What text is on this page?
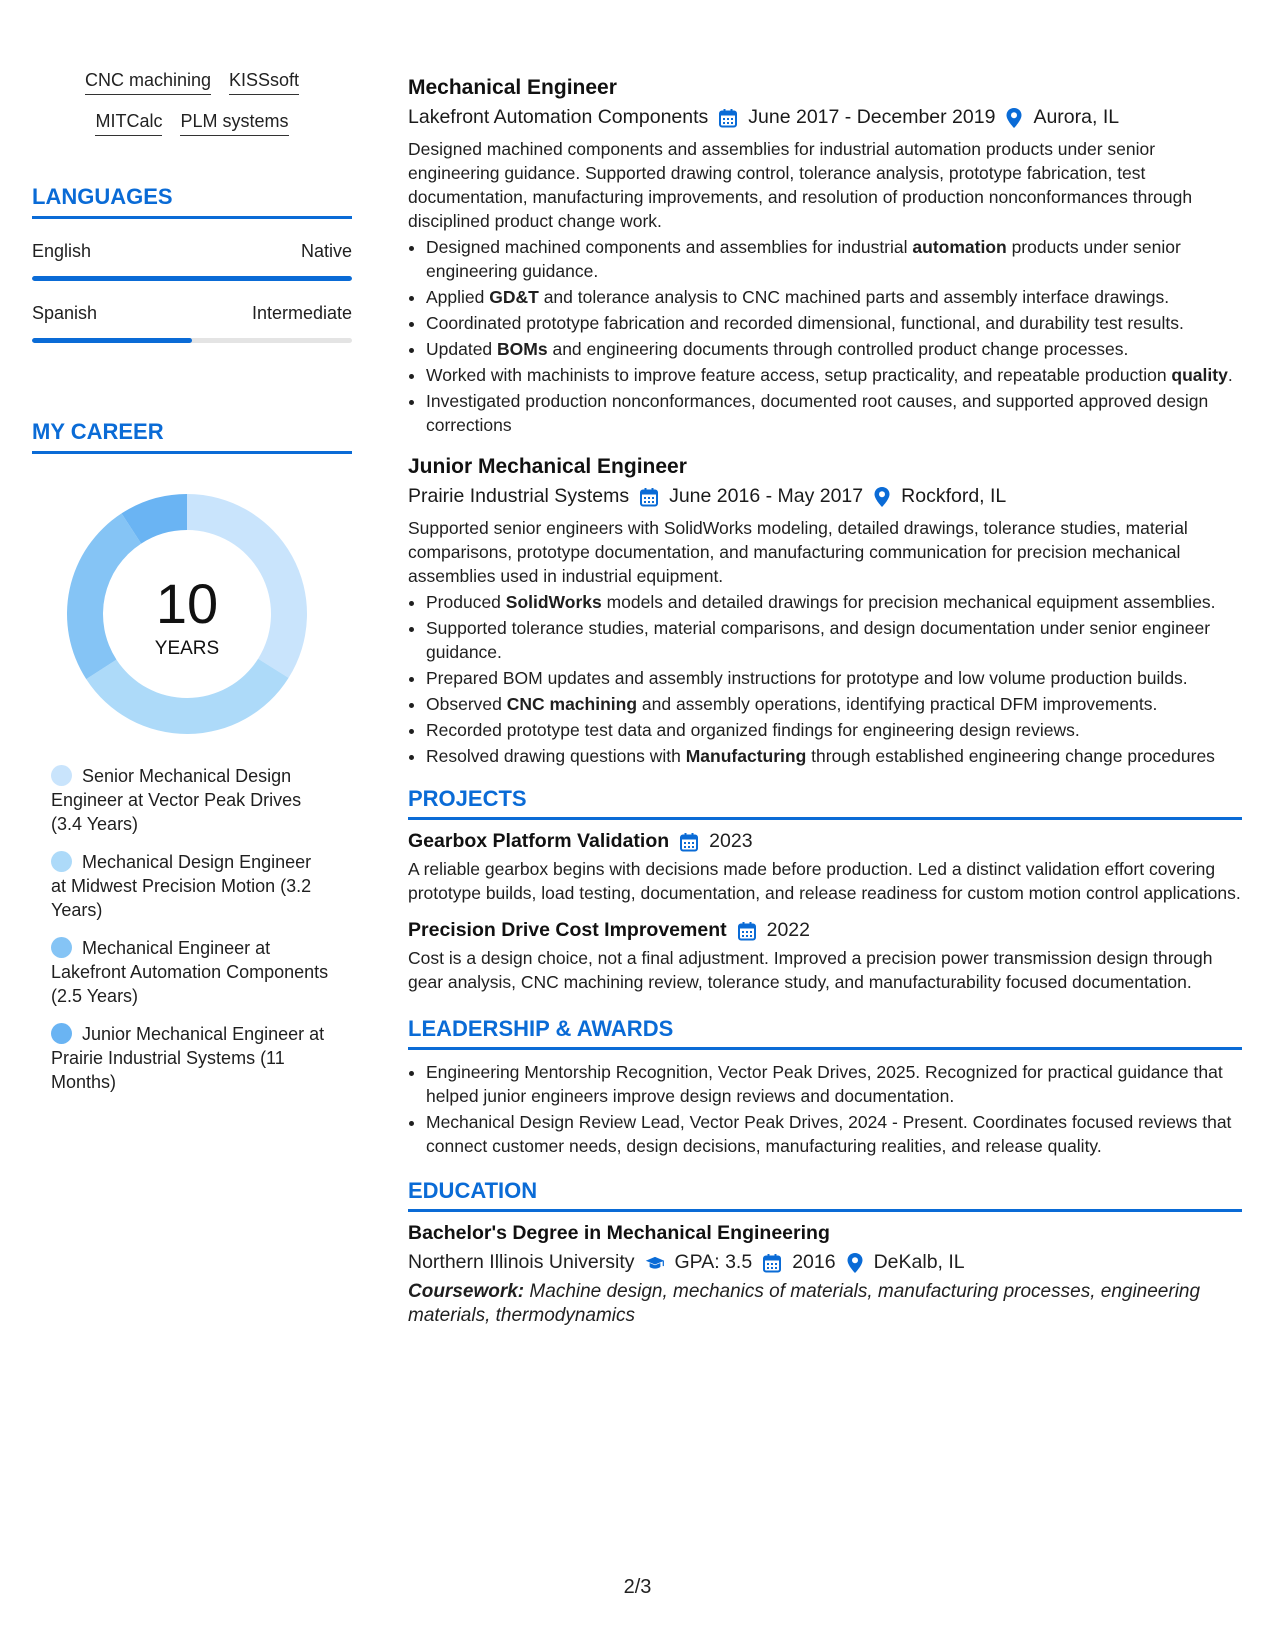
CNC machining KISSsoft
MITCalc PLM systems
LANGUAGES
English	Native
Spanish	Intermediate
MY CAREER
10
YEARS
Senior Mechanical Design Engineer at Vector Peak Drives (3.4 Years)
Mechanical Design Engineer at Midwest Precision Motion (3.2 Years)
Mechanical Engineer at Lakefront Automation Components (2.5 Years)
Junior Mechanical Engineer at Prairie Industrial Systems (11 Months)
Mechanical Engineer
Lakefront Automation Components June 2017 - December 2019 Aurora, IL
Designed machined components and assemblies for industrial automation products under senior engineering guidance. Supported drawing control, tolerance analysis, prototype fabrication, test documentation, manufacturing improvements, and resolution of production nonconformances through disciplined product change work.
• Designed machined components and assemblies for industrial automation products under senior engineering guidance.
• Applied GD&T and tolerance analysis to CNC machined parts and assembly interface drawings.
• Coordinated prototype fabrication and recorded dimensional, functional, and durability test results.
• Updated BOMs and engineering documents through controlled product change processes.
• Worked with machinists to improve feature access, setup practicality, and repeatable production quality.
• Investigated production nonconformances, documented root causes, and supported approved design corrections
Junior Mechanical Engineer
Prairie Industrial Systems June 2016 - May 2017 Rockford, IL
Supported senior engineers with SolidWorks modeling, detailed drawings, tolerance studies, material comparisons, prototype documentation, and manufacturing communication for precision mechanical assemblies used in industrial equipment.
• Produced SolidWorks models and detailed drawings for precision mechanical equipment assemblies.
• Supported tolerance studies, material comparisons, and design documentation under senior engineer guidance.
• Prepared BOM updates and assembly instructions for prototype and low volume production builds.
• Observed CNC machining and assembly operations, identifying practical DFM improvements.
• Recorded prototype test data and organized findings for engineering design reviews.
• Resolved drawing questions with Manufacturing through established engineering change procedures
PROJECTS
Gearbox Platform Validation 2023
A reliable gearbox begins with decisions made before production. Led a distinct validation effort covering prototype builds, load testing, documentation, and release readiness for custom motion control applications.
Precision Drive Cost Improvement 2022
Cost is a design choice, not a final adjustment. Improved a precision power transmission design through gear analysis, CNC machining review, tolerance study, and manufacturability focused documentation.
LEADERSHIP & AWARDS
• Engineering Mentorship Recognition, Vector Peak Drives, 2025. Recognized for practical guidance that helped junior engineers improve design reviews and documentation.
• Mechanical Design Review Lead, Vector Peak Drives, 2024 - Present. Coordinates focused reviews that connect customer needs, design decisions, manufacturing realities, and release quality.
EDUCATION
Bachelor's Degree in Mechanical Engineering
Northern Illinois University GPA: 3.5 2016 DeKalb, IL
Coursework: Machine design, mechanics of materials, manufacturing processes, engineering materials, thermodynamics
2/3
